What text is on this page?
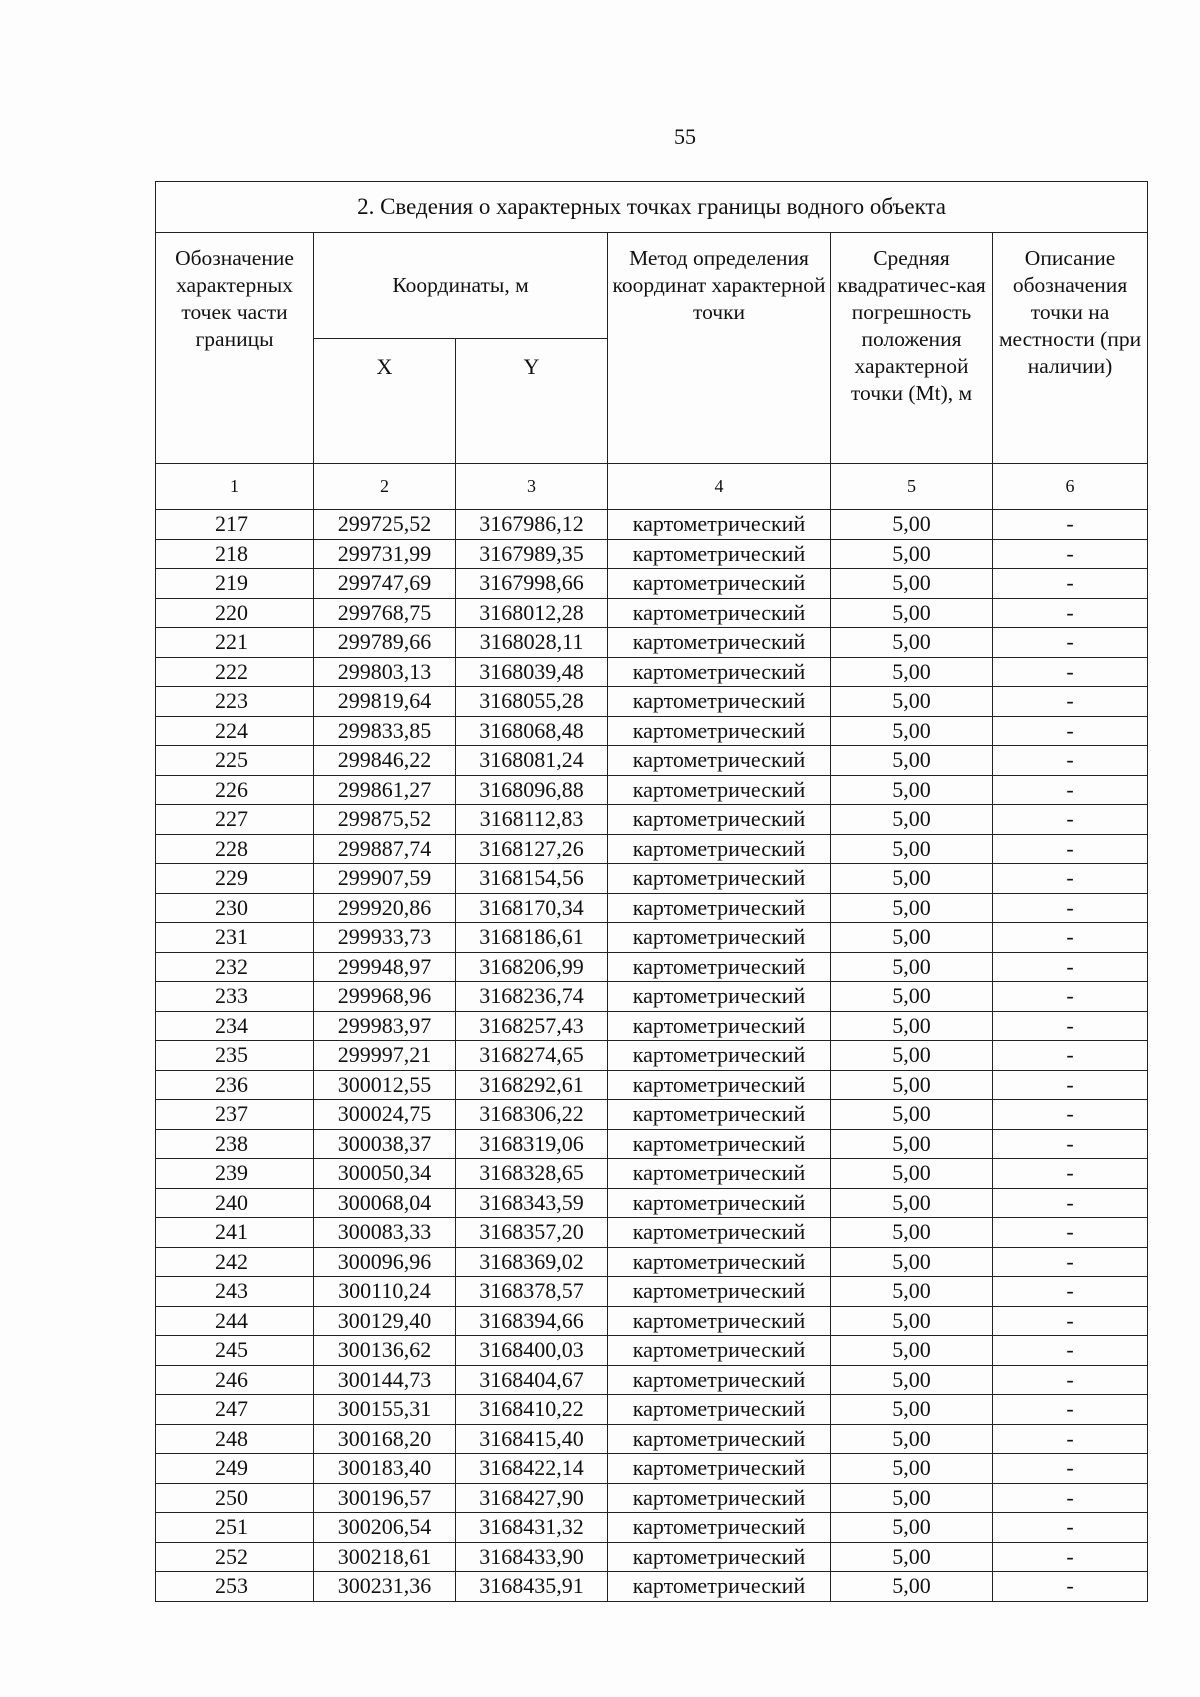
55
2. Сведения о характерных точках границы водного объекта					
Обозначение характерных точек части границы	Координаты, м		Метод определения координат характерной точки	Средняя квадратичес-кая погрешность положения характерной точки (Mt), м	Описание обозначения точки на местности (при наличии)
	X	Y			
1	2	3	4	5	6
217	299725,52	3167986,12	картометрический	5,00	-
218	299731,99	3167989,35	картометрический	5,00	-
219	299747,69	3167998,66	картометрический	5,00	-
220	299768,75	3168012,28	картометрический	5,00	-
221	299789,66	3168028,11	картометрический	5,00	-
222	299803,13	3168039,48	картометрический	5,00	-
223	299819,64	3168055,28	картометрический	5,00	-
224	299833,85	3168068,48	картометрический	5,00	-
225	299846,22	3168081,24	картометрический	5,00	-
226	299861,27	3168096,88	картометрический	5,00	-
227	299875,52	3168112,83	картометрический	5,00	-
228	299887,74	3168127,26	картометрический	5,00	-
229	299907,59	3168154,56	картометрический	5,00	-
230	299920,86	3168170,34	картометрический	5,00	-
231	299933,73	3168186,61	картометрический	5,00	-
232	299948,97	3168206,99	картометрический	5,00	-
233	299968,96	3168236,74	картометрический	5,00	-
234	299983,97	3168257,43	картометрический	5,00	-
235	299997,21	3168274,65	картометрический	5,00	-
236	300012,55	3168292,61	картометрический	5,00	-
237	300024,75	3168306,22	картометрический	5,00	-
238	300038,37	3168319,06	картометрический	5,00	-
239	300050,34	3168328,65	картометрический	5,00	-
240	300068,04	3168343,59	картометрический	5,00	-
241	300083,33	3168357,20	картометрический	5,00	-
242	300096,96	3168369,02	картометрический	5,00	-
243	300110,24	3168378,57	картометрический	5,00	-
244	300129,40	3168394,66	картометрический	5,00	-
245	300136,62	3168400,03	картометрический	5,00	-
246	300144,73	3168404,67	картометрический	5,00	-
247	300155,31	3168410,22	картометрический	5,00	-
248	300168,20	3168415,40	картометрический	5,00	-
249	300183,40	3168422,14	картометрический	5,00	-
250	300196,57	3168427,90	картометрический	5,00	-
251	300206,54	3168431,32	картометрический	5,00	-
252	300218,61	3168433,90	картометрический	5,00	-
253	300231,36	3168435,91	картометрический	5,00	-
